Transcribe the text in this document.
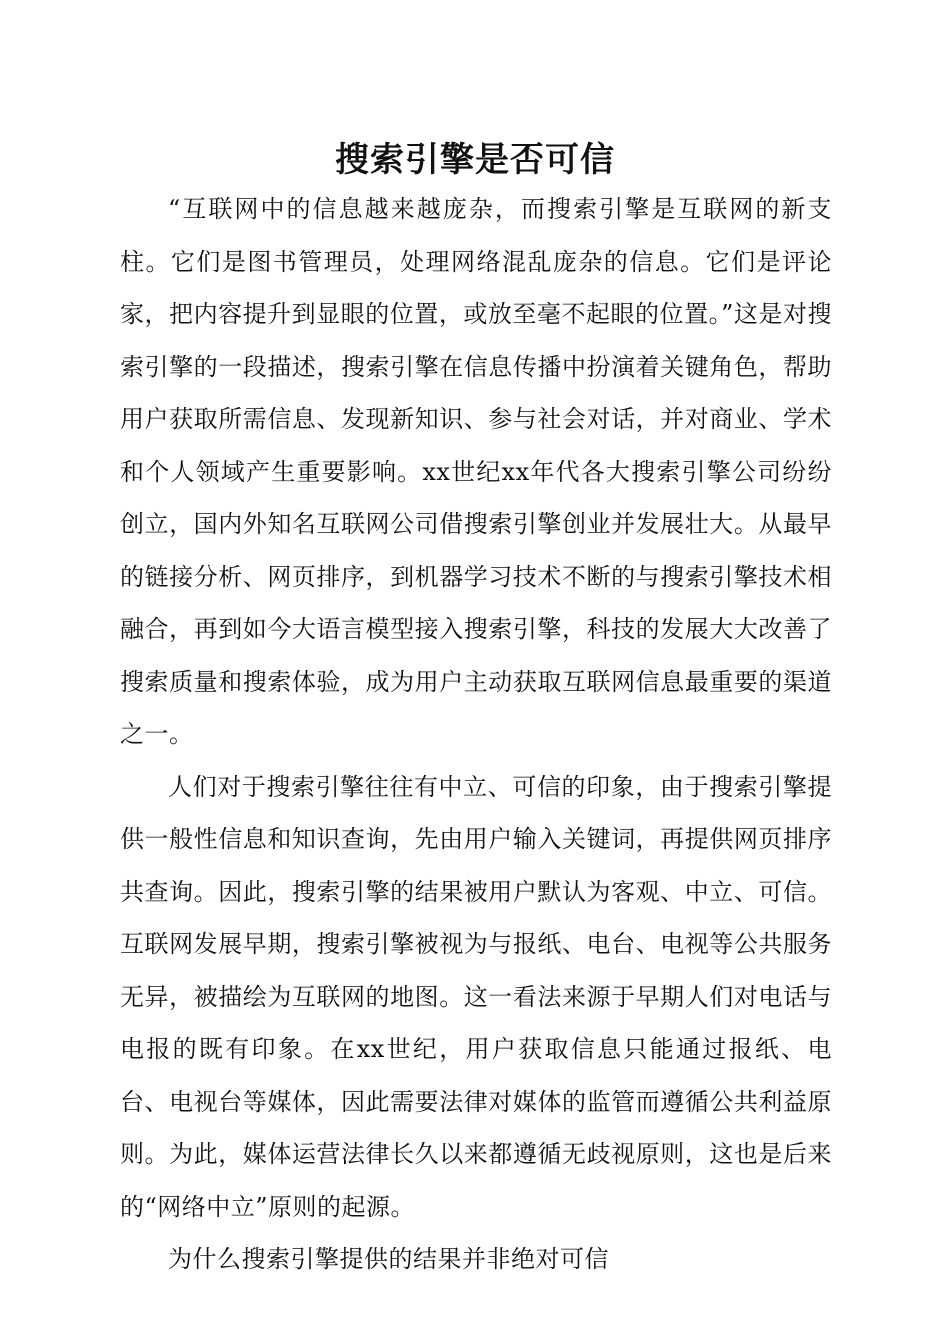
搜索引擎是否可信

“互联网中的信息越来越庞杂，而搜索引擎是互联网的新支柱。它们是图书管理员，处理网络混乱庞杂的信息。它们是评论家，把内容提升到显眼的位置，或放至毫不起眼的位置。”这是对搜索引擎的一段描述，搜索引擎在信息传播中扮演着关键角色，帮助用户获取所需信息、发现新知识、参与社会对话，并对商业、学术和个人领域产生重要影响。xx世纪xx年代各大搜索引擎公司纷纷创立，国内外知名互联网公司借搜索引擎创业并发展壮大。从最早的链接分析、网页排序，到机器学习技术不断的与搜索引擎技术相融合，再到如今大语言模型接入搜索引擎，科技的发展大大改善了搜索质量和搜索体验，成为用户主动获取互联网信息最重要的渠道之一。

人们对于搜索引擎往往有中立、可信的印象，由于搜索引擎提供一般性信息和知识查询，先由用户输入关键词，再提供网页排序共查询。因此，搜索引擎的结果被用户默认为客观、中立、可信。互联网发展早期，搜索引擎被视为与报纸、电台、电视等公共服务无异，被描绘为互联网的地图。这一看法来源于早期人们对电话与电报的既有印象。在xx世纪，用户获取信息只能通过报纸、电台、电视台等媒体，因此需要法律对媒体的监管而遵循公共利益原则。为此，媒体运营法律长久以来都遵循无歧视原则，这也是后来的“网络中立”原则的起源。

为什么搜索引擎提供的结果并非绝对可信
